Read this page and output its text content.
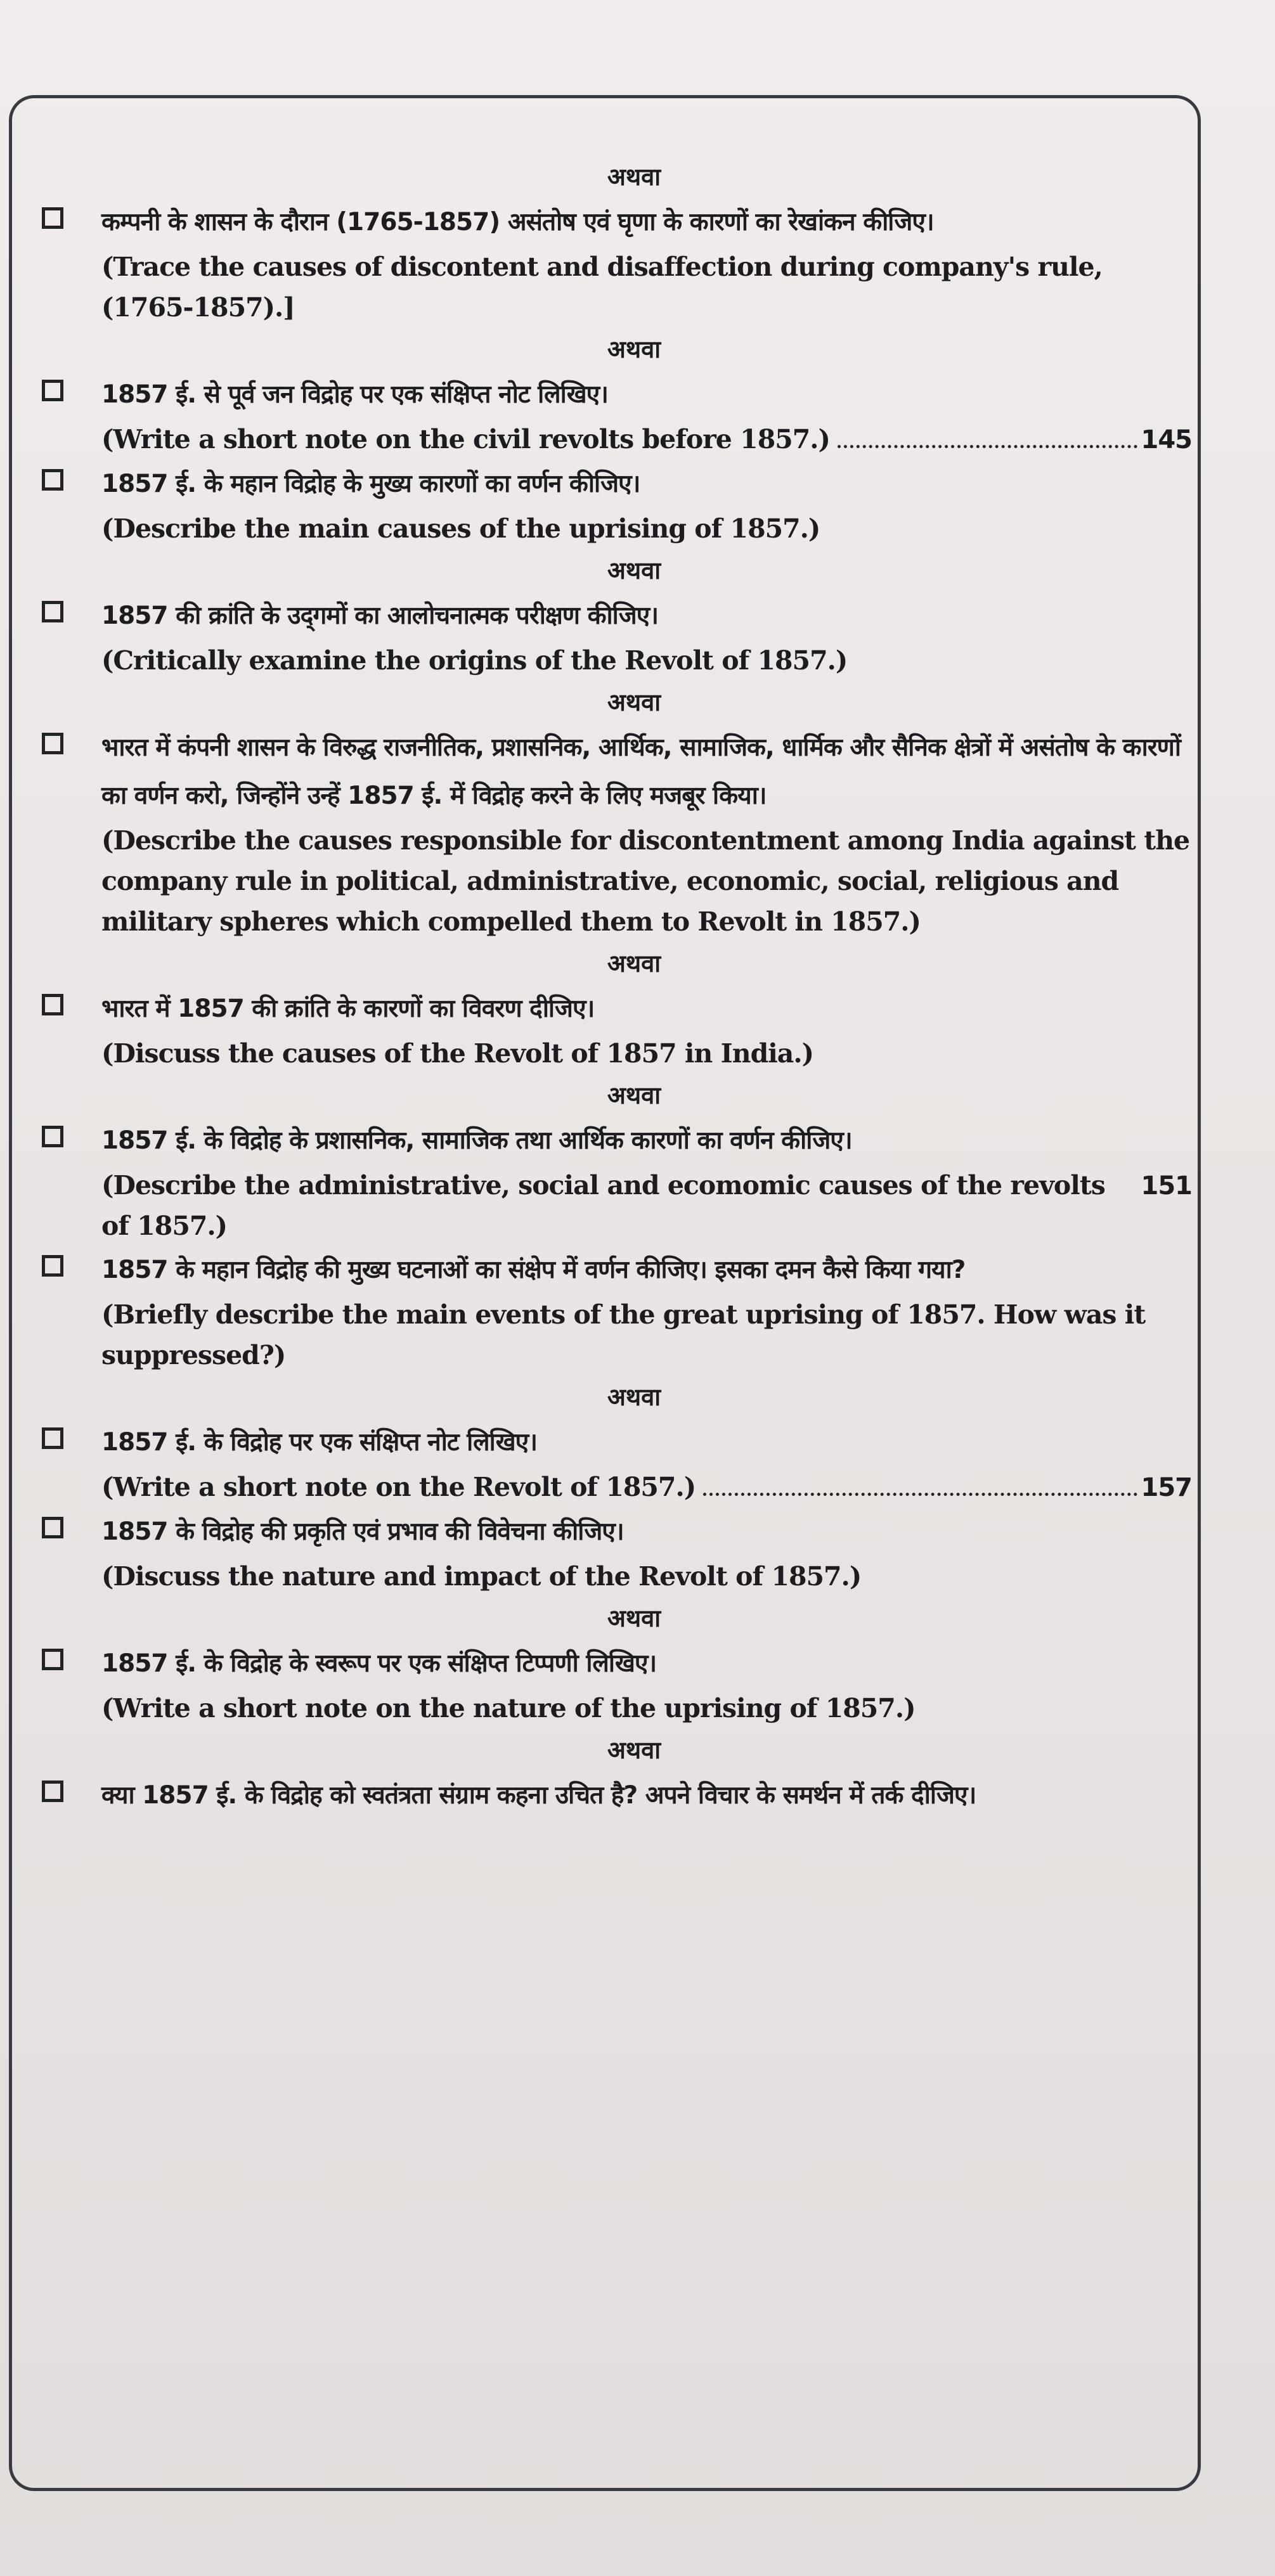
अथवा
कम्पनी के शासन के दौरान (1765-1857) असंतोष एवं घृणा के कारणों का रेखांकन कीजिए।
(Trace the causes of discontent and disaffection during company's rule, (1765-1857).]
अथवा
1857 ई. से पूर्व जन विद्रोह पर एक संक्षिप्त नोट लिखिए।
(Write a short note on the civil revolts before 1857.)	145
1857 ई. के महान विद्रोह के मुख्य कारणों का वर्णन कीजिए।
(Describe the main causes of the uprising of 1857.)
अथवा
1857 की क्रांति के उद्‌गमों का आलोचनात्मक परीक्षण कीजिए।
(Critically examine the origins of the Revolt of 1857.)
अथवा
भारत में कंपनी शासन के विरुद्ध राजनीतिक, प्रशासनिक, आर्थिक, सामाजिक, धार्मिक और सैनिक क्षेत्रों में असंतोष के कारणों का वर्णन करो, जिन्होंने उन्हें 1857 ई. में विद्रोह करने के लिए मजबूर किया।
(Describe the causes responsible for discontentment among India against the company rule in political, administrative, economic, social, religious and military spheres which compelled them to Revolt in 1857.)
अथवा
भारत में 1857 की क्रांति के कारणों का विवरण दीजिए।
(Discuss the causes of the Revolt of 1857 in India.)
अथवा
1857 ई. के विद्रोह के प्रशासनिक, सामाजिक तथा आर्थिक कारणों का वर्णन कीजिए।
(Describe the administrative, social and ecomomic causes of the revolts of 1857.)
151
1857 के महान विद्रोह की मुख्य घटनाओं का संक्षेप में वर्णन कीजिए। इसका दमन कैसे किया गया?
(Briefly describe the main events of the great uprising of 1857. How was it suppressed?)
अथवा
1857 ई. के विद्रोह पर एक संक्षिप्त नोट लिखिए।
(Write a short note on the Revolt of 1857.)	157
1857 के विद्रोह की प्रकृति एवं प्रभाव की विवेचना कीजिए।
(Discuss the nature and impact of the Revolt of 1857.)
अथवा
1857 ई. के विद्रोह के स्वरूप पर एक संक्षिप्त टिप्पणी लिखिए।
(Write a short note on the nature of the uprising of 1857.)
अथवा
क्या 1857 ई. के विद्रोह को स्वतंत्रता संग्राम कहना उचित है? अपने विचार के समर्थन में तर्क दीजिए।
